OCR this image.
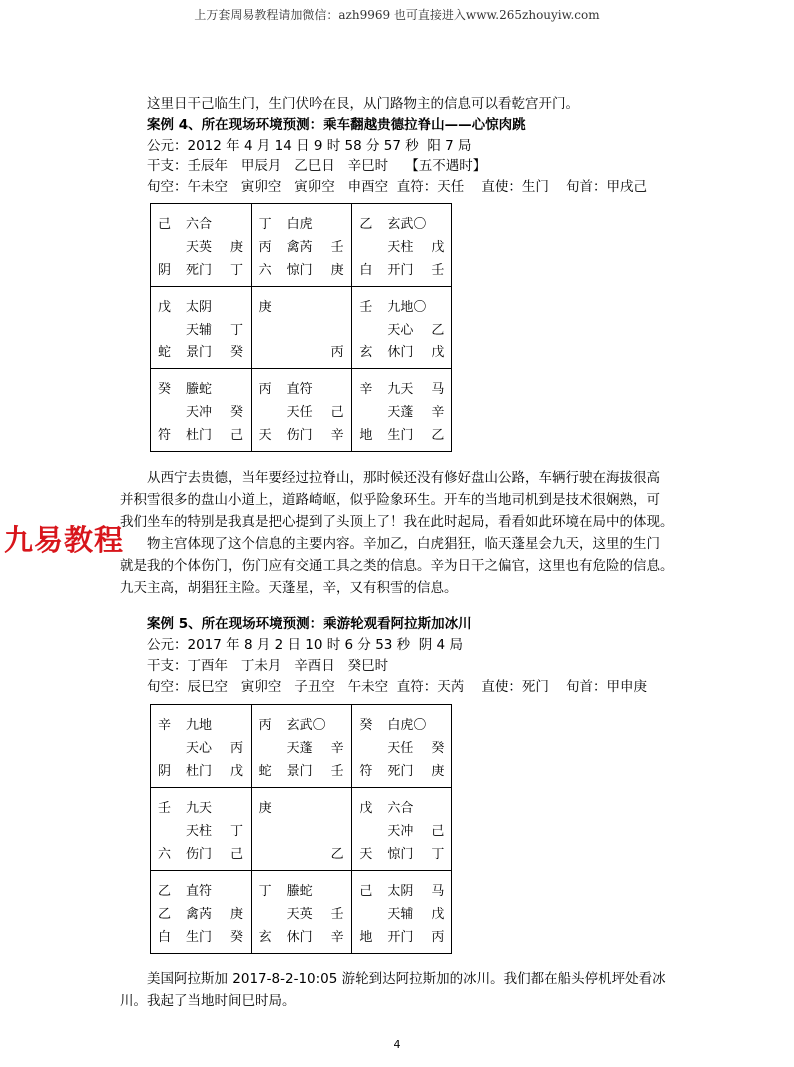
上万套周易教程请加微信：azh9969 也可直接进入www.265zhouyiw.com
这里日干己临生门，生门伏吟在艮，从门路物主的信息可以看乾宫开门。
案例 4、所在现场环境预测：乘车翻越贵德拉脊山——心惊肉跳
公元：2012 年 4 月 14 日 9 时 58 分 57 秒  阳 7 局
干支：壬辰年   甲辰月   乙巳日   辛巳时    【五不遇时】
旬空：午未空   寅卯空   寅卯空   申酉空  直符：天任    直使：生门    旬首：甲戌己
己 六合
天英 庚
阴 死门 丁
丁 白虎
丙 禽芮 壬
六 惊门 庚
乙 玄武〇
天柱 戊
白 开门 壬
戊 太阴
天辅 丁
蛇 景门 癸
庚
丙
壬 九地〇
天心 乙
玄 休门 戊
癸 螣蛇
天冲 癸
符 杜门 己
丙 直符
天任 己
天 伤门 辛
辛 九天 马
天蓬 辛
地 生门 乙
从西宁去贵德，当年要经过拉脊山，那时候还没有修好盘山公路，车辆行驶在海拔很高
并积雪很多的盘山小道上，道路崎岖，似乎险象环生。开车的当地司机到是技术很娴熟，可
我们坐车的特别是我真是把心提到了头顶上了！我在此时起局，看看如此环境在局中的体现。
物主宫体现了这个信息的主要内容。辛加乙，白虎猖狂，临天蓬星会九天，这里的生门
就是我的个体伤门，伤门应有交通工具之类的信息。辛为日干之偏官，这里也有危险的信息。
九天主高，胡猖狂主险。天蓬星，辛，又有积雪的信息。
九易教程
案例 5、所在现场环境预测：乘游轮观看阿拉斯加冰川
公元：2017 年 8 月 2 日 10 时 6 分 53 秒  阴 4 局
干支：丁酉年   丁未月   辛酉日   癸巳时
旬空：辰巳空   寅卯空   子丑空   午未空  直符：天芮    直使：死门    旬首：甲申庚
辛 九地
天心 丙
阴 杜门 戊
丙 玄武〇
天蓬 辛
蛇 景门 壬
癸 白虎〇
天任 癸
符 死门 庚
壬 九天
天柱 丁
六 伤门 己
庚
乙
戊 六合
天冲 己
天 惊门 丁
乙 直符
乙 禽芮 庚
白 生门 癸
丁 螣蛇
天英 壬
玄 休门 辛
己 太阴 马
天辅 戊
地 开门 丙
美国阿拉斯加 2017-8-2-10:05 游轮到达阿拉斯加的冰川。我们都在船头停机坪处看冰
川。我起了当地时间巳时局。
4
